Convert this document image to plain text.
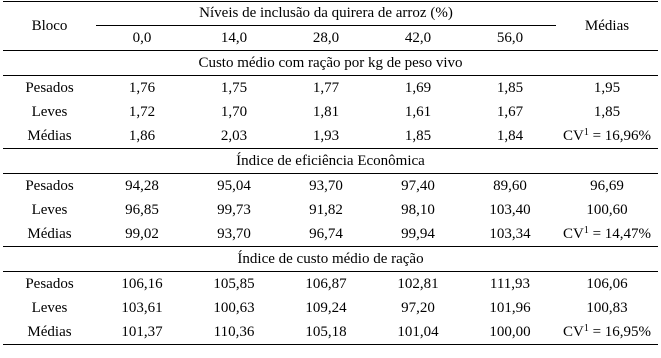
Bloco	Níveis de inclusão da quirera de arroz (%)					Médias
	0,0	14,0	28,0	42,0	56,0	
Custo médio com ração por kg de peso vivo						
Pesados	1,76	1,75	1,77	1,69	1,85	1,95
Leves	1,72	1,70	1,81	1,61	1,67	1,85
Médias	1,86	2,03	1,93	1,85	1,84	$CV^1 = 16,96\%$
Índice de eficiência Econômica						
Pesados	94,28	95,04	93,70	97,40	89,60	96,69
Leves	96,85	99,73	91,82	98,10	103,40	100,60
Médias	99,02	93,70	96,74	99,94	103,34	$CV^1 = 14,47\%$
Índice de custo médio de ração						
Pesados	106,16	105,85	106,87	102,81	111,93	106,06
Leves	103,61	100,63	109,24	97,20	101,96	100,83
Médias	101,37	110,36	105,18	101,04	100,00	$CV^1 = 16,95\%$
